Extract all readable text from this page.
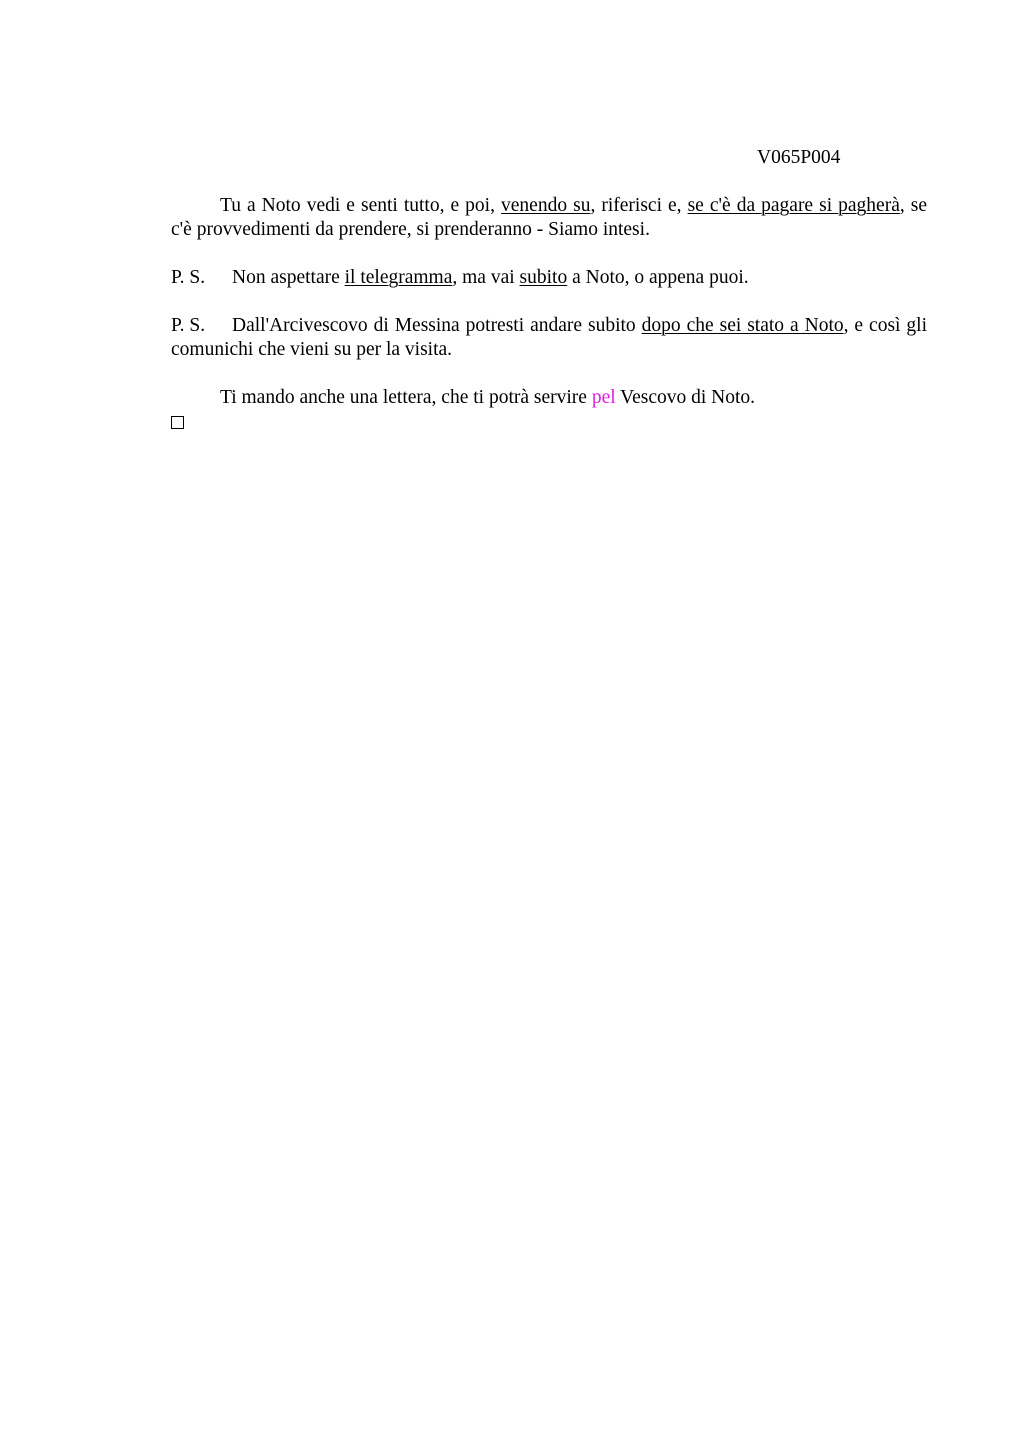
V065P004

Tu a Noto vedi e senti tutto, e poi, venendo su, riferisci e, se c'è da pagare si pagherà, se c'è provvedimenti da prendere, si prenderanno - Siamo intesi.

P. S. Non aspettare il telegramma, ma vai subito a Noto, o appena puoi.

P. S. Dall'Arcivescovo di Messina potresti andare subito dopo che sei stato a Noto, e così gli comunichi che vieni su per la visita.

Ti mando anche una lettera, che ti potrà servire pel Vescovo di Noto.
